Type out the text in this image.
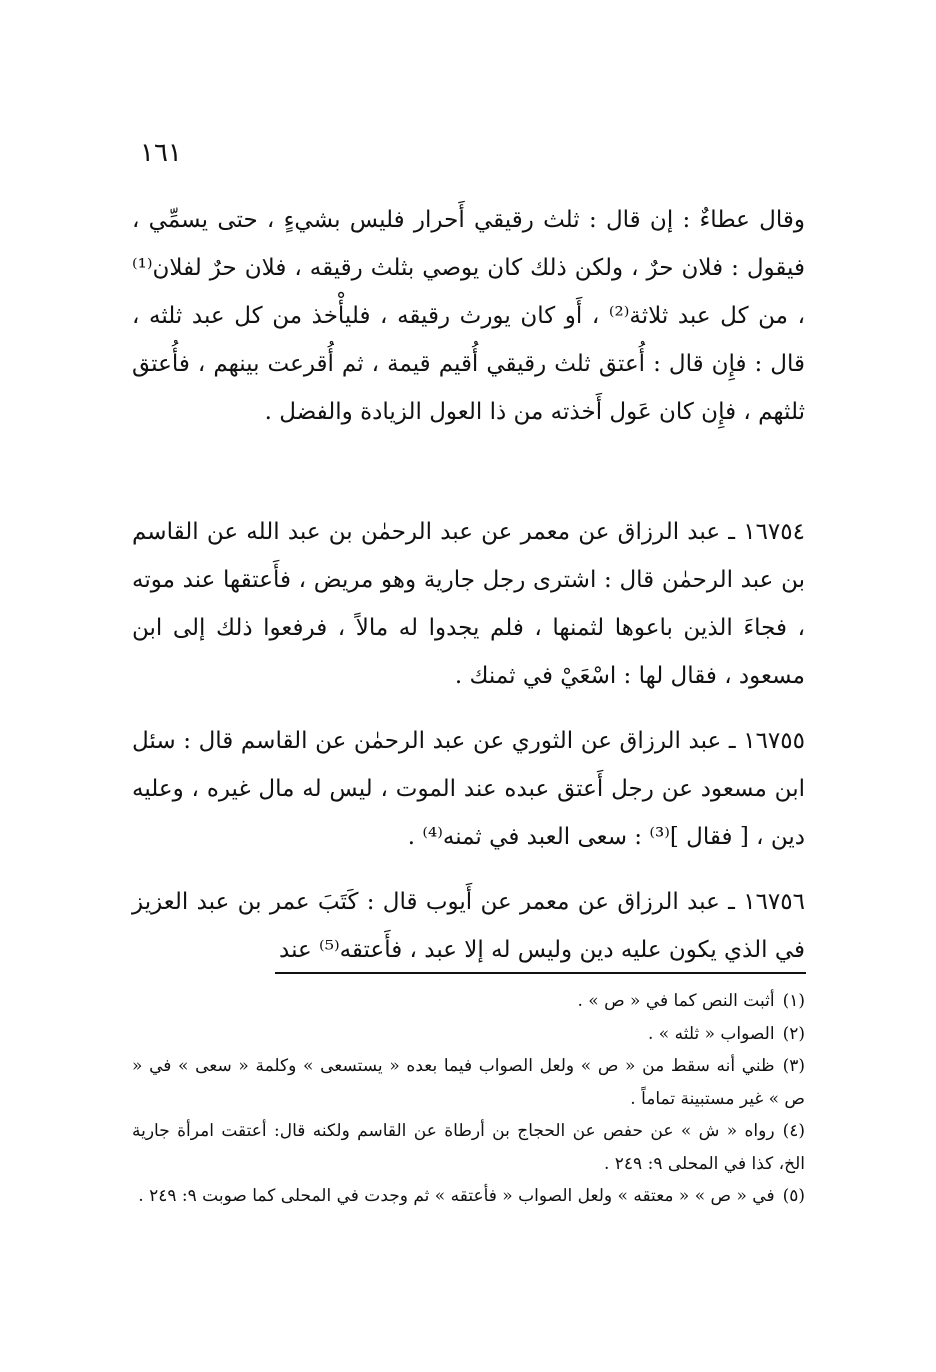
١٦١

وقال عطاءٌ : إن قال : ثلث رقيقي أَحرار فليس بشيءٍ ، حتى يسمِّي ، فيقول : فلان حرٌ ، ولكن ذلك كان يوصي بثلث رقيقه ، فلان حرٌ لفلان⁽¹⁾ ، من كل عبد ثلاثة⁽²⁾ ، أَو كان يورث رقيقه ، فليأْخذ من كل عبد ثلثه ، قال : فإِن قال : أُعتق ثلث رقيقي أُقيم قيمة ، ثم أُقرعت بينهم ، فأُعتق ثلثهم ، فإِن كان عَول أَخذته من ذا العول الزيادة والفضل .

١٦٧٥٤ ـ عبد الرزاق عن معمر عن عبد الرحمٰن بن عبد الله عن القاسم بن عبد الرحمٰن قال : اشترى رجل جارية وهو مريض ، فأَعتقها عند موته ، فجاءَ الذين باعوها لثمنها ، فلم يجدوا له مالاً ، فرفعوا ذلك إلى ابن مسعود ، فقال لها : اسْعَيْ في ثمنك .

١٦٧٥٥ ـ عبد الرزاق عن الثوري عن عبد الرحمٰن عن القاسم قال : سئل ابن مسعود عن رجل أَعتق عبده عند الموت ، ليس له مال غيره ، وعليه دين ، [ فقال ]⁽³⁾ : سعى العبد في ثمنه⁽⁴⁾ .

١٦٧٥٦ ـ عبد الرزاق عن معمر عن أَيوب قال : كَتَبَ عمر بن عبد العزيز في الذي يكون عليه دين وليس له إلا عبد ، فأَعتقه⁽⁵⁾ عند

(١)أثبت النص كما في « ص » .
(٢)الصواب « ثلثه » .
(٣)ظني أنه سقط من « ص » ولعل الصواب فيما بعده « يستسعى » وكلمة « سعى » في « ص » غير مستبينة تماماً .
(٤)رواه « ش » عن حفص عن الحجاج بن أرطاة عن القاسم ولكنه قال: أعتقت امرأة جارية الخ، كذا في المحلى ٩: ٢٤٩ .
(٥)في « ص » « معتقه » ولعل الصواب « فأعتقه » ثم وجدت في المحلى كما صوبت ٩: ٢٤٩ .
